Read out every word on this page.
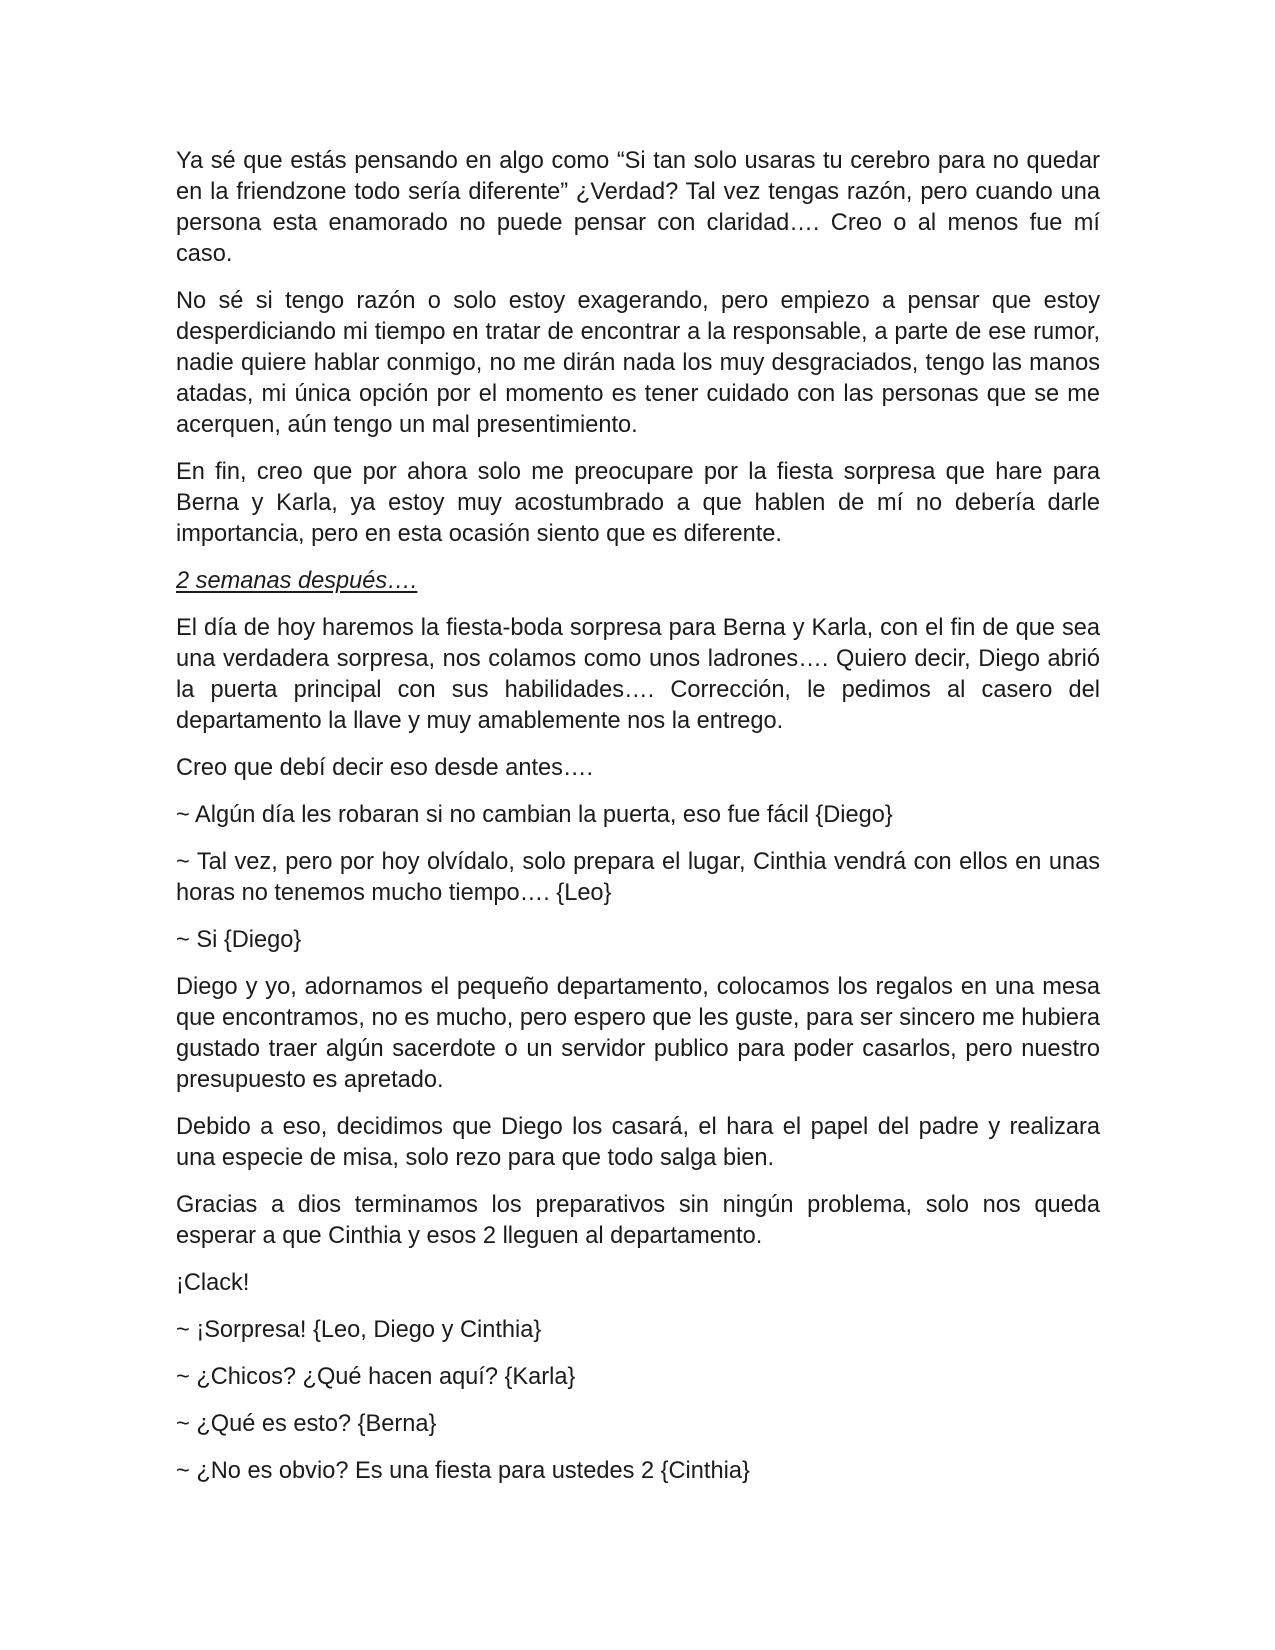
Ya sé que estás pensando en algo como “Si tan solo usaras tu cerebro para no quedar en la friendzone todo sería diferente” ¿Verdad? Tal vez tengas razón, pero cuando una persona esta enamorado no puede pensar con claridad…. Creo o al menos fue mí caso.

No sé si tengo razón o solo estoy exagerando, pero empiezo a pensar que estoy desperdiciando mi tiempo en tratar de encontrar a la responsable, a parte de ese rumor, nadie quiere hablar conmigo, no me dirán nada los muy desgraciados, tengo las manos atadas, mi única opción por el momento es tener cuidado con las personas que se me acerquen, aún tengo un mal presentimiento.

En fin, creo que por ahora solo me preocupare por la fiesta sorpresa que hare para Berna y Karla, ya estoy muy acostumbrado a que hablen de mí no debería darle importancia, pero en esta ocasión siento que es diferente.

2 semanas después….

El día de hoy haremos la fiesta-boda sorpresa para Berna y Karla, con el fin de que sea una verdadera sorpresa, nos colamos como unos ladrones…. Quiero decir, Diego abrió la puerta principal con sus habilidades…. Corrección, le pedimos al casero del departamento la llave y muy amablemente nos la entrego.

Creo que debí decir eso desde antes….

~ Algún día les robaran si no cambian la puerta, eso fue fácil {Diego}

~ Tal vez, pero por hoy olvídalo, solo prepara el lugar, Cinthia vendrá con ellos en unas horas no tenemos mucho tiempo…. {Leo}

~ Si {Diego}

Diego y yo, adornamos el pequeño departamento, colocamos los regalos en una mesa que encontramos, no es mucho, pero espero que les guste, para ser sincero me hubiera gustado traer algún sacerdote o un servidor publico para poder casarlos, pero nuestro presupuesto es apretado.

Debido a eso, decidimos que Diego los casará, el hara el papel del padre y realizara una especie de misa, solo rezo para que todo salga bien.

Gracias a dios terminamos los preparativos sin ningún problema, solo nos queda esperar a que Cinthia y esos 2 lleguen al departamento.

¡Clack!

~ ¡Sorpresa! {Leo, Diego y Cinthia}

~ ¿Chicos? ¿Qué hacen aquí? {Karla}

~ ¿Qué es esto? {Berna}

~ ¿No es obvio? Es una fiesta para ustedes 2 {Cinthia}
